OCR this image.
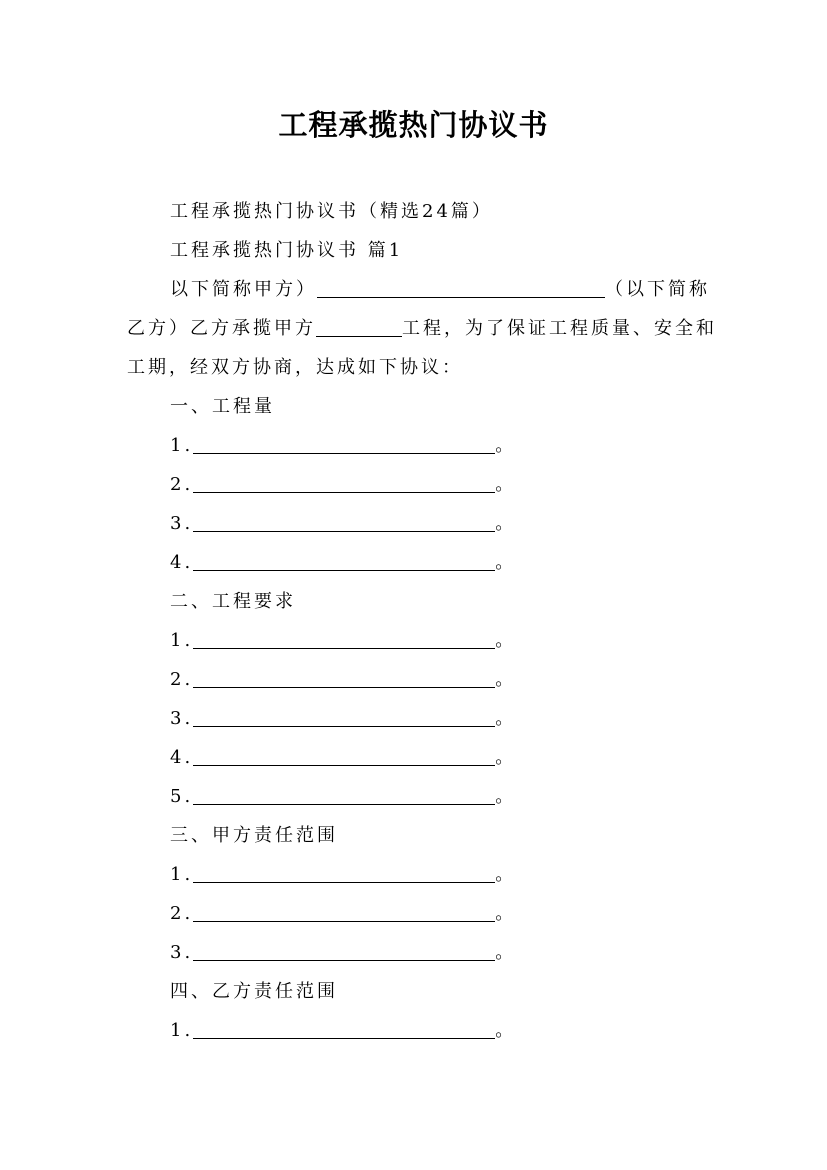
工程承揽热门协议书

工程承揽热门协议书（精选24篇）

工程承揽热门协议书 篇1

以下简称甲方）	（以下简称乙方）乙方承揽甲方	工程，为了保证工程质量、安全和工期，经双方协商，达成如下协议：

一、工程量

1.	。

2.	。

3.	。

4.	。

二、工程要求

1.	。

2.	。

3.	。

4.	。

5.	。

三、甲方责任范围

1.	。

2.	。

3.	。

四、乙方责任范围

1.	。
